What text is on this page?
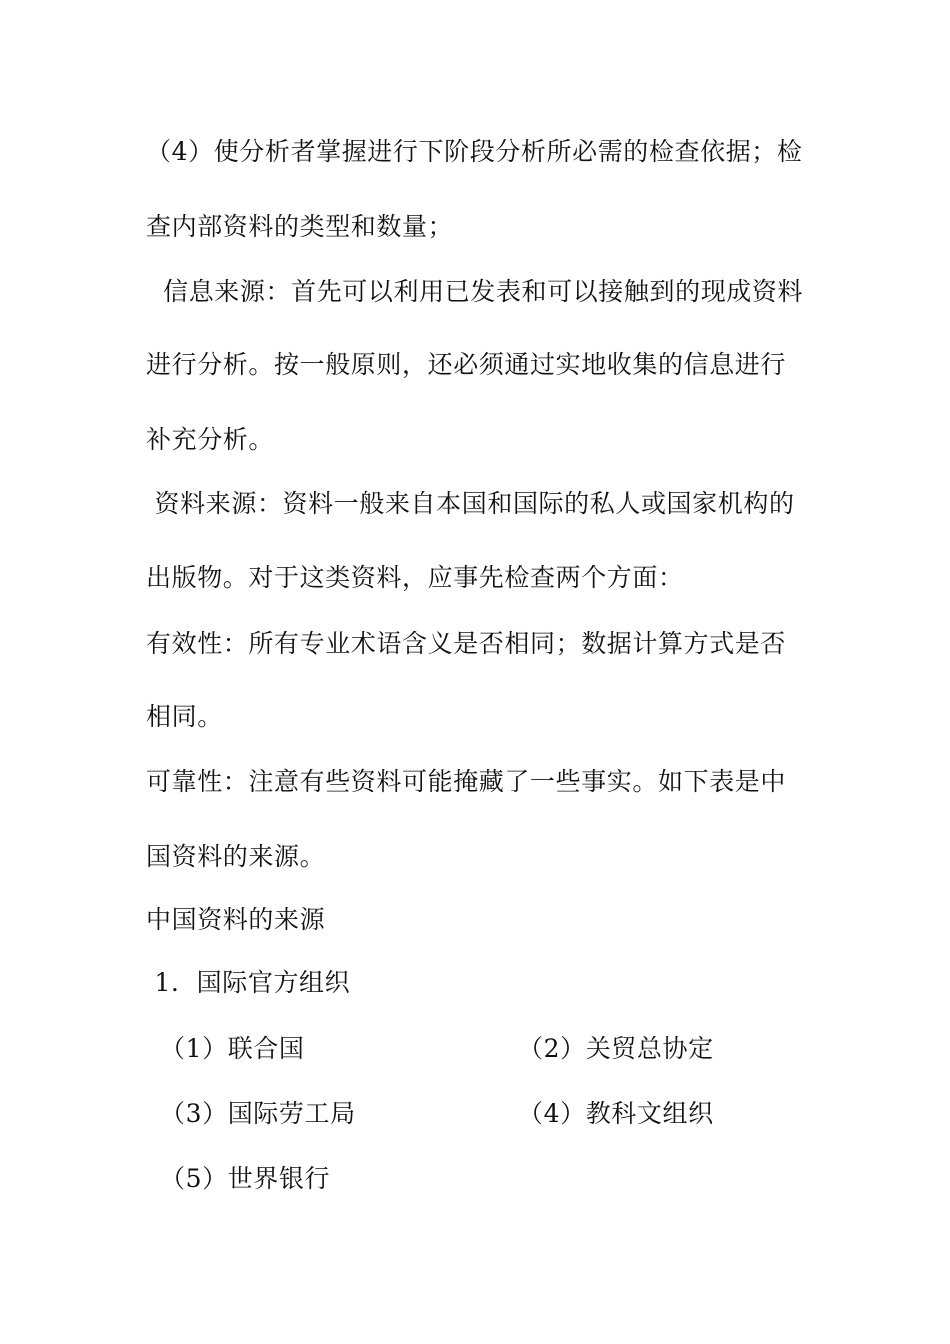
（4）使分析者掌握进行下阶段分析所必需的检查依据；检
查内部资料的类型和数量；
信息来源：首先可以利用已发表和可以接触到的现成资料
进行分析。按一般原则，还必须通过实地收集的信息进行
补充分析。
资料来源：资料一般来自本国和国际的私人或国家机构的
出版物。对于这类资料，应事先检查两个方面：
有效性：所有专业术语含义是否相同；数据计算方式是否
相同。
可靠性：注意有些资料可能掩藏了一些事实。如下表是中
国资料的来源。
中国资料的来源
1．国际官方组织
（1）联合国	（2）关贸总协定
（3）国际劳工局	（4）教科文组织
（5）世界银行
